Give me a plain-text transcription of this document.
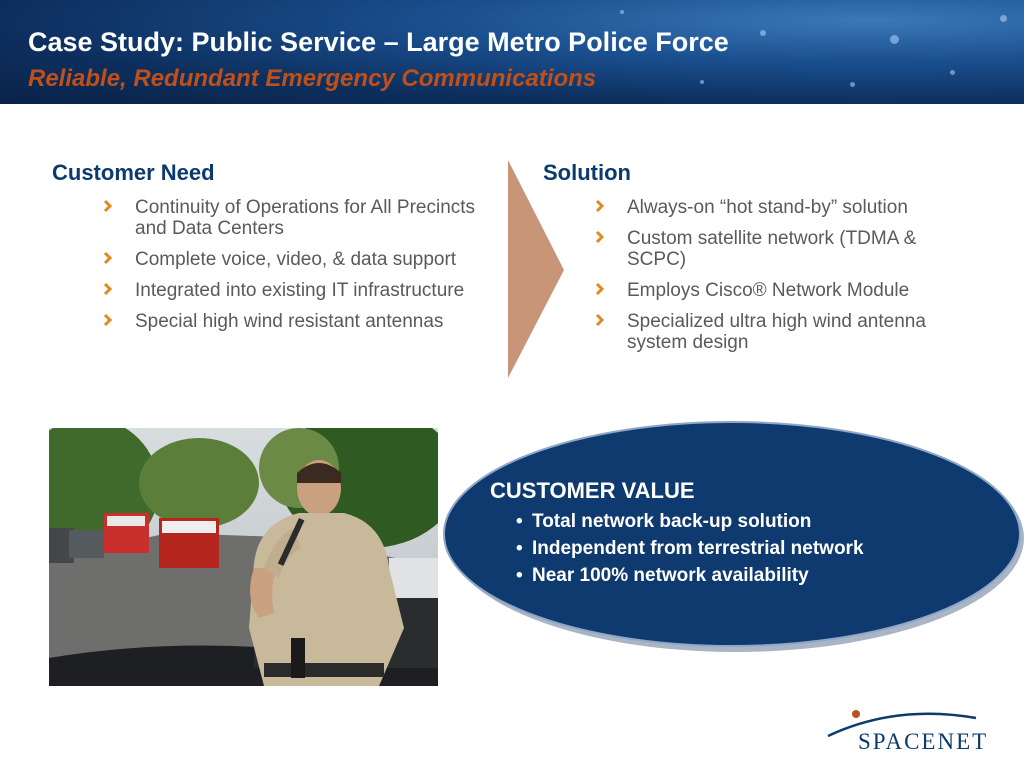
Case Study: Public Service – Large Metro Police Force
Reliable, Redundant Emergency Communications
Customer Need
Continuity of Operations for All Precincts and Data Centers
Complete voice, video, & data support
Integrated into existing IT infrastructure
Special high wind resistant antennas
Solution
Always-on “hot stand-by” solution
Custom satellite network (TDMA & SCPC)
Employs Cisco® Network Module
Specialized ultra high wind antenna system design
CUSTOMER VALUE
• Total network back-up solution
• Independent from terrestrial network
• Near 100% network availability
SPACENET
